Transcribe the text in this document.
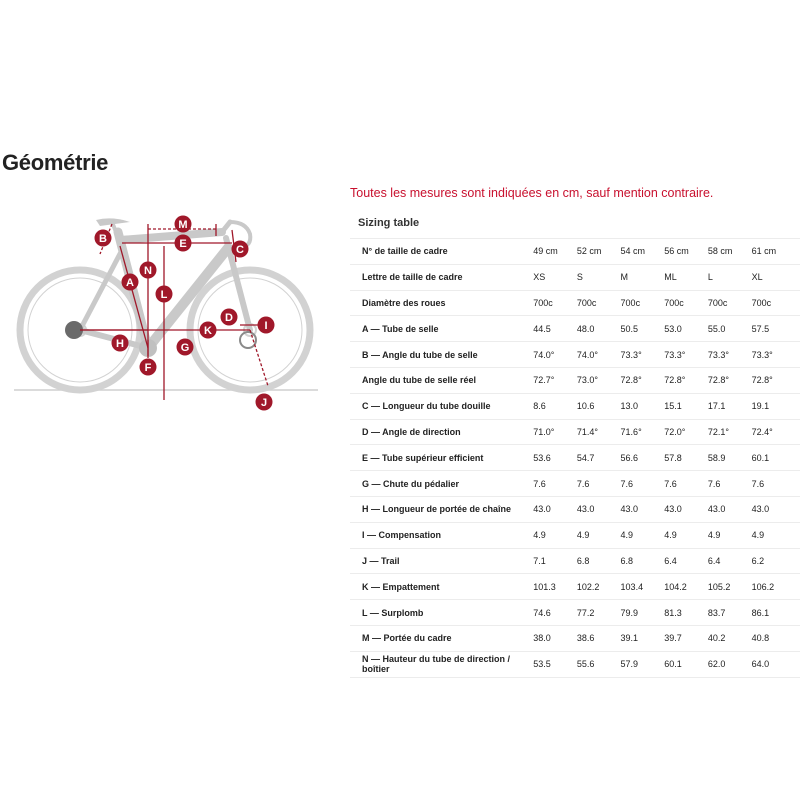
Géométrie
Toutes les mesures sont indiquées en cm, sauf mention contraire.
M
B	E	C
N
A
L
D
K	I
H	G
F
J
Sizing table
N° de taille de cadre	49 cm	52 cm	54 cm	56 cm	58 cm	61 cm
Lettre de taille de cadre	XS	S	M	ML	L	XL
Diamètre des roues	700c	700c	700c	700c	700c	700c
A — Tube de selle	44.5	48.0	50.5	53.0	55.0	57.5
B — Angle du tube de selle	74.0°	74.0°	73.3°	73.3°	73.3°	73.3°
Angle du tube de selle réel	72.7°	73.0°	72.8°	72.8°	72.8°	72.8°
C — Longueur du tube douille	8.6	10.6	13.0	15.1	17.1	19.1
D — Angle de direction	71.0°	71.4°	71.6°	72.0°	72.1°	72.4°
E — Tube supérieur efficient	53.6	54.7	56.6	57.8	58.9	60.1
G — Chute du pédalier	7.6	7.6	7.6	7.6	7.6	7.6
H — Longueur de portée de chaîne	43.0	43.0	43.0	43.0	43.0	43.0
I — Compensation	4.9	4.9	4.9	4.9	4.9	4.9
J — Trail	7.1	6.8	6.8	6.4	6.4	6.2
K — Empattement	101.3	102.2	103.4	104.2	105.2	106.2
L — Surplomb	74.6	77.2	79.9	81.3	83.7	86.1
M — Portée du cadre	38.0	38.6	39.1	39.7	40.2	40.8
N — Hauteur du tube de direction / boîtier	53.5	55.6	57.9	60.1	62.0	64.0
